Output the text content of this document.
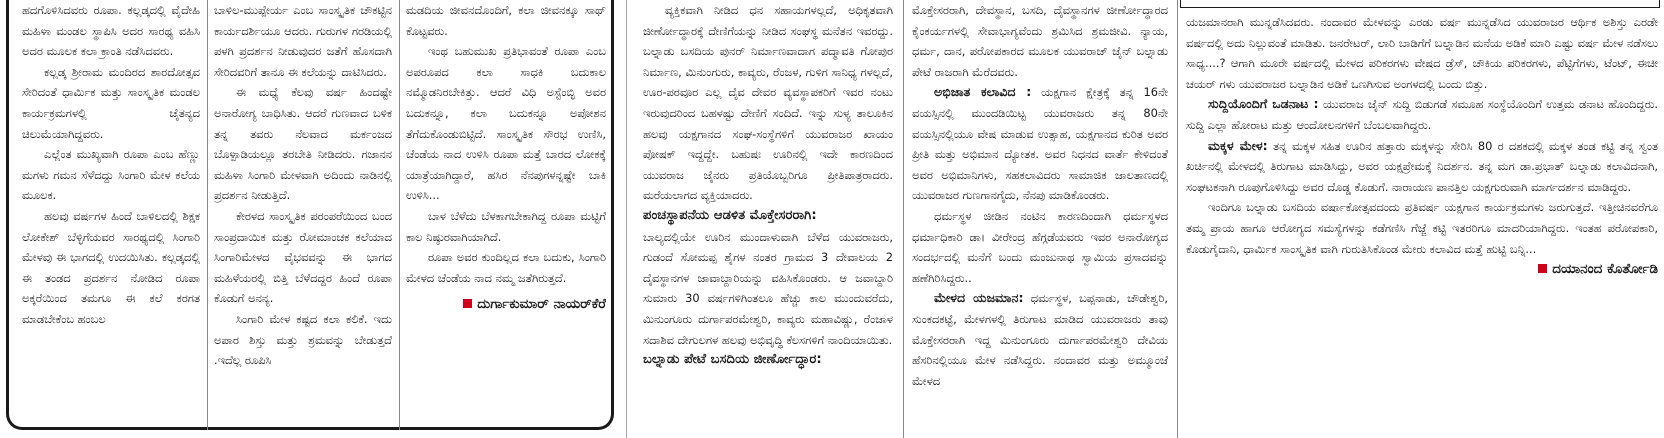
ಹದಗೊಳಿಸಿದವರು ರೂಪಾ. ಕಲ್ಲಡ್ಕದಲ್ಲಿ ವೈದೇಹಿ ಮಹಿಳಾ ಮಂಡಲ ಸ್ಥಾಪಿಸಿ ಅದರ ಸಾರಥ್ಯ ವಹಿಸಿ ಅದರ ಮೂಲಕ ಕಲಾ ಕ್ರಾಂತಿ ನಡೆಸಿದವರು.

ಕಲ್ಲಡ್ಕ ಶ್ರೀರಾಮ ಮಂದಿರದ ಶಾರದೋತ್ಸವ ಸೇರಿದಂತೆ ಧಾರ್ಮಿಕ ಮತ್ತು ಸಾಂಸ್ಕೃತಿಕ ಮಂಡಲ ಕಾರ್ಯಕ್ರಮಗಳಲ್ಲಿ ಚೈತನ್ಯದ ಚಿಲುಮೆಯಾಗಿದ್ದವರು.

ಎಲ್ಲೆಂತ ಮುಖ್ಯವಾಗಿ ರೂಪಾ ಎಂಬ ಹೆಣ್ಣು ಮಗಳು ಗಮನ ಸೆಳೆದದ್ದು ಸಿಂಗಾರಿ ಮೇಳ ಕಲೆಯ ಮೂಲಕ.

ಹಲವು ವರ್ಷಗಳ ಹಿಂದೆ ಬಾಳಿಲದಲ್ಲಿ ಶಿಕ್ಷಕ ಲೋಕೇಶ್ ಬೆಳ್ಳಿಗೆಯವರ ಸಾರಥ್ಯದಲ್ಲಿ ಸಿಂಗಾರಿ ಮೇಳವು ಈ ಭಾಗದಲ್ಲಿ ಉದಯಿಸಿತು. ಕಲ್ಲಡ್ಕದಲ್ಲಿ ಈ ತಂಡದ ಪ್ರದರ್ಶನ ನೋಡಿದ ರೂಪಾ ಅಕ್ಕರೆಯಿಂದ ತಮಗೂ ಈ ಕಲೆ ಕರಗತ ಮಾಡಬೇಕೆಂಬ ಹಂಬಲ

ಬಾಳಿಲ-ಮುಪ್ಪೇರ್ಯ ಎಂಬ ಸಾಂಸ್ಕೃತಿಕ ಚೌಕಟ್ಟಿನ ಕಾರ್ಯದರ್ಶಿಯೂ ಆದರು. ಗುರುಗಳ ಗರಡಿಯಲ್ಲಿ ಪಳಗಿ ಪ್ರದರ್ಶನ ನೀಡುವುದರ ಜತೆಗೆ ಹೊಸದಾಗಿ ಸೇರಿದವರಿಗೆ ತಾನೂ ಈ ಕಲೆಯನ್ನು ದಾಟಿಸಿದರು.

ಈ ಮಧ್ಯೆ ಕೆಲವು ವರ್ಷ ಹಿಂದಷ್ಟೇ ಅನಾರೋಗ್ಯ ಬಾಧಿಸಿತು. ಆದರೆ ಗುಣವಾದ ಬಳಿಕ ತನ್ನ ತವರು ನೆಲವಾದ ಮರ್ಕಂಜದ ಬೊಳ್ಪಾಡಿಯಲ್ಲೂ ತರಬೇತಿ ನೀಡಿದರು. ಗಜಾನನ ಮಹಿಳಾ ಸಿಂಗಾರಿ ಮೇಳವಾಗಿ ಅದಿಂದು ನಾಡಿನಲ್ಲಿ ಪ್ರದರ್ಶನ ನೀಡುತ್ತಿದೆ.

ಕೇರಳದ ಸಾಂಸ್ಕೃತಿಕ ಪರಂಪರೆಯಿಂದ ಬಂದ ಸಾಂಪ್ರದಾಯಿಕ ಮತ್ತು ರೋಮಾಂಚಕ ಕಲೆಯಾದ ಸಿಂಗಾರಿಮೇಳದ ವೈಭವವನ್ನು ಈ ಭಾಗದ ಮಹಿಳೆಯರಲ್ಲಿ ಬಿತ್ತಿ ಬೆಳೆದದ್ದರ ಹಿಂದೆ ರೂಪಾ ಕೊಡುಗೆ ಅನನ್ಯ.

ಸಿಂಗಾರಿ ಮೇಳ ಕಷ್ಟದ ಕಲಾ ಕಲಿಕೆ. ಇದು ಅಪಾರ ಶಿಸ್ತು ಮತ್ತು ಶ್ರಮವನ್ನು ಬೇಡುತ್ತದೆ .ಇದೆಲ್ಲ ರೂಪಿಸಿ

ಮಡದಿಯ ಜೀವನದೊಂದಿಗೆ, ಕಲಾ ಜೀವನಕ್ಕೂ ಸಾಥ್ ಕೊಟ್ಟವರು.

ಇಂಥ ಬಹುಮುಖ ಪ್ರತಿಭಾವಂತೆ ರೂಪಾ ಎಂಬ ಅಪರೂಪದ ಕಲಾ ಸಾಧಕಿ ಬದುಕಾಲ ನಮ್ಮೊಡನಿರಬೇಕಿತ್ತು. ಆದರೆ ವಿಧಿ ಅಸ್ಟೆಂಬ್ಳಿ ಅವರ ಬದುಕನ್ನೂ, ಕಲಾ ಬದುಕನ್ನೂ ಅಪೋಶನ ತೆಗೆದುಕೊಂಡುಬಿಟ್ಟಿದೆ. ಸಾಂಸ್ಕೃತಿಕ ಸೌರಭ ಉಣಿಸಿ, ಚೆಂಡೆಯ ನಾದ ಉಳಿಸಿ ರೂಪಾ ಮತ್ತೆ ಬಾರದ ಲೋಕಕ್ಕೆ ಯಾತ್ರೆಯಾಗಿದ್ದಾರೆ, ಹಸಿರ ನೆನಪುಗಳನ್ನಷ್ಟೇ ಬಾಕಿ ಉಳಿಸಿ...

ಬಾಳ ಬೆಳೆದು ಬೆಳಕಾಗಬೇಕಾಗಿದ್ದ ರೂಪಾ ಮಟ್ಟಿಗೆ ಕಾಲ ನಿಷ್ಠುರವಾಗಿಯಾಗಿದೆ.

ರೂಪಾ ಅವರ ಕುಂದಿಲ್ಲದ ಕಲಾ ಬದುಕು, ಸಿಂಗಾರಿ ಮೇಳದ ಚೆಂಡೆಯ ನಾದ ನಮ್ಮ ಜತೆಗಿರುತ್ತದೆ.

ದುರ್ಗಾಕುಮಾರ್ ನಾಯರ್‌ಕೆರೆ

ವ್ಯಕ್ತಿಕವಾಗಿ ನೀಡಿದ ಧನ ಸಹಾಯಗಳಲ್ಲದೆ, ಅಧಿಕೃತವಾಗಿ ಜೀರ್ಣೋದ್ಧಾರಕ್ಕೆ ದೇಣಿಗೆಯನ್ನು ನೀಡಿದ ಸಂಘಸ್ಥ ಮನೆತನ ಇವರದ್ದು. ಬಲ್ನಾಡು ಬಸದಿಯ ಪುನರ್ ನಿರ್ಮಾಣವಾದಾಗ ಪದ್ಮಾವತಿ ಗೋಪುರ ನಿರ್ಮಾಣ, ಮಿನುಂಗುರು, ಕಾವ್ಯರು, ರೆಂಜಳ, ಗುಳಿಗ ಸಾನಿಧ್ಯ ಗಳಲ್ಲದೆ, ಊರ-ಪರವೂರ ಎಲ್ಲ ದೈವ ದೇವರ ವ್ಯವಸ್ಥಾಪಕರಿಗೆ ಇವರ ನಂಟು ಇರುವುದರಿಂದ ಬಹಳಷ್ಟು ದೇಣಿಗೆ ಸಂದಿದೆ. ಇನ್ನು ಸುಳ್ಯ ತಾಲೂಕಿನ ಹಲವು ಯಕ್ಷಗಾನದ ಸಂಘ-ಸಂಸ್ಥೆಗಳಿಗೆ ಯುವರಾಜರ ಖಾಯಂ ಪೋಷಕ್ ಇದ್ದದ್ದೇ. ಬಹುಷಃ ಊರಿನಲ್ಲಿ ಇದೇ ಕಾರಣದಿಂದ ಯುವರಾಜ ಜೈನರು ಪ್ರತಿಯೊಬ್ಬರಿಗೂ ಪ್ರೀತಿಪಾತ್ರರಾದರು. ಮರೆಯಲಾಗದ ವ್ಯಕ್ತಿಯಾದರು.

ಪಂಚಸ್ಥಾಪನೆಯ ಆಡಳಿತ ಮೊಕ್ತೇಸರರಾಗಿ:

ಬಾಲ್ಯದಲ್ಲಿಯೇ ಊರಿನ ಮುಂದಾಳುವಾಗಿ ಬೆಳೆದ ಯುವರಾಜರು, ಗುಡಂದೆ ಸೋಮಪ್ಪ ಶೈಗಳ ನಂತರ ಗ್ರಾಮದ 3 ದೇವಾಲಯ 2 ದೈವಸ್ಥಾನಗಳ ಜಾವಾಬ್ದಾರಿಯನ್ನು ವಹಿಸಿಕೊಂಡರು. ಆ ಜವಾಬ್ದಾರಿ ಸುಮಾರು 30 ವರ್ಷಗಳಿಗಿಂತಲೂ ಹೆಚ್ಚು ಕಾಲ ಮುಂದುವರೆದು, ಮಿನುಂಗೂರು ದುರ್ಗಾಪರಮೇಶ್ವರಿ, ಕಾವ್ಯರು ಮಹಾವಿಷ್ಣು, ರೆಂಜಾಳ ಸದಾಶಿವ ದೇಗುಲಗಳ ಹಲವು ಅಭಿವೃದ್ಧಿ ಕೆಲಸಗಳಿಗೆ ನಾಂದಿಯಾಯಿತು.

ಬಲ್ನಾಡು ಪೇಟೆ ಬಸದಿಯ ಜೀರ್ಣೋದ್ಧಾರ:

ಮೊಕ್ತೇಸರರಾಗಿ, ದೇವಸ್ಥಾನ, ಬಸದಿ, ದೈವಸ್ಥಾನಗಳ ಜೀರ್ಣೋದ್ಧಾರದ ಕೈಂಕರ್ಯಗಳಲ್ಲಿ ಸೇವಾಭಾಗ್ಯವೆಂದು ಶ್ರಮಿಸಿದ ಶ್ರಮಜೀವಿ. ನ್ಯಾಯ, ಧರ್ಮ, ದಾನ, ಪರೋಪಕಾರದ ಮೂಲಕ ಯುವರಾಜ್ ಜೈನ್ ಬಲ್ನಾಡು ಪೇಟೆ ರಾಜರಾಗಿ ಮೆರೆದವರು.

ಅಭಿಜಾತ ಕಲಾವಿದ : ಯಕ್ಷಗಾನ ಕ್ಷೇತ್ರಕ್ಕೆ ತನ್ನ 16ನೇ ವಯಸ್ಸಿನಲ್ಲಿ ಮುಂದಡಿಯಿಟ್ಟ ಯುವರಾಜರು ತನ್ನ 80ನೇ ವಯಸ್ಸಿನಲ್ಲಿಯೂ ವೇಷ ಮಾಡುವ ಉತ್ಸಾಹ, ಯಕ್ಷಗಾನದ ಕುರಿತ ಅವರ ಪ್ರೀತಿ ಮತ್ತು ಅಭಿಮಾನ ದ್ಯೋತಕ. ಅವರ ನಿಧನದ ವಾರ್ತೆ ಕೇಳಿದಂತೆ ಅವರ ಅಭಿಮಾನಿಗಳು, ಸಹಕಲಾವಿದರು ಸಾಮಾಜಿಕ ಜಾಲತಾಣದಲ್ಲಿ ಯುವರಾಜರ ಗುಣಗಾನಗೈದು, ನೆನಪು ಮಾಡಿಕೊಂಡರು.

ಧರ್ಮಸ್ಥಳ ಜೀಡಿನ ನಂಟಿನ ಕಾರಣದಿಂದಾಗಿ ಧರ್ಮಸ್ಥಳದ ಧರ್ಮಾಧಿಕಾರಿ ಡಾ। ವೀರೇಂದ್ರ ಹೆಗ್ಗಡೆಯವರು ಇವರ ಅನಾರೋಗ್ಯದ ಸಂದರ್ಭದಲ್ಲಿ ಮನೆಗೆ ಬಂದು ಮಂಜುನಾಥ ಸ್ವಾಮಿಯ ಪ್ರಸಾದವನ್ನು ಹಣೆಗಿರಿಸಿದ್ದರು..

ಮೇಳದ ಯಜಮಾನ: ಧರ್ಮಸ್ಥಳ, ಬಪ್ಪನಾಡು, ಚೌಡೇಶ್ವರಿ, ಸುಂಕದಕಟ್ಟೆ, ಮೇಳಗಳಲ್ಲಿ ತಿರುಗಾಟ ಮಾಡಿದ ಯುವರಾಜರು ತಾವು ಮೊಕ್ತೇಸರರಾಗಿ ಇದ್ದ ಮಿನುಂಗೂರು ದುರ್ಗಾಪರಮೇಶ್ವರಿ ದೇವಿಯ ಹೆಸರಿನಲ್ಲಿಯೂ ಮೇಳ ನಡೆಸಿದ್ದರು. ನಂದಾವರ ಮತ್ತು ಅಮ್ಮೂಂಜೆ ಮೇಳದ

ಯಜಮಾನರಾಗಿ ಮುನ್ನಡೆಸಿದವರು. ನಂದಾವರ ಮೇಳವನ್ನು ಎರಡು ವರ್ಷ ಮುನ್ನಡೆಸಿದ ಯುವರಾಜರ ಆರ್ಥಿಕ ಅಶಿಸ್ತು ಎರಡೇ ವರ್ಷದಲ್ಲಿ ಅದು ನಿಲ್ಲುವಂತೆ ಮಾಡಿತು. ಜನರೇಟರ್, ಲಾರಿ ಬಾಡಿಗೆಗೆ ಬಲ್ನಾಡಿನ ಮನೆಯ ಅಡಿಕೆ ಮಾರಿ ಎಷ್ಟು ವರ್ಷ ಮೇಳ ನಡೆಸಲು ಸಾಧ್ಯ....? ಆಗಾಗಿ ಮೂರೇ ವರ್ಷದಲ್ಲಿ ಮೇಳದ ಪರಿಕರಗಳು ವೇಷದ ಡ್ರೆಸ್, ಚೌಕಿಯ ಪರಿಕರಗಳು, ಪೆಟ್ಟಿಗೆಗಳು, ಟೆಂಟ್, ಈಚೀ ಚಯರ್ ಗಳು ಯುವರಾಜರ ಬಲ್ನಾಡಿನ ಅಡಿಕೆ ಒಣಗಿಸುವ ಅಂಗಳದಲ್ಲಿ ಬಂದು ಬಿತ್ತು.

ಸುದ್ದಿಯೊಂದಿಗೆ ಒಡನಾಟ : ಯುವರಾಜ ಜೈನ್ ಸುದ್ದಿ ಬಿಡುಗಡೆ ಸಮೂಹ ಸಂಸ್ಥೆಯೊಂದಿಗೆ ಉತ್ತಮ ಡನಾಟ ಹೊಂದಿದ್ದರು. ಸುದ್ದಿ ಎಲ್ಲಾ ಹೋರಾಟ ಮತ್ತು ಆಂದೋಲನಗಳಿಗೆ ಬೆಂಬಲವಾಗಿದ್ದರು.

ಮಕ್ಕಳ ಮೇಳ: ತನ್ನ ಮಕ್ಕಳ ಸಹಿತ ಊರಿನ ಹತ್ತಾರು ಮಕ್ಕಳನ್ನು ಸೇರಿಸಿ 80 ರ ದಶಕದಲ್ಲಿ ಮಕ್ಕಳ ತಂಡ ಕಟ್ಟಿ ತನ್ನ ಸ್ವಂತ ಖರ್ಚಿನಲ್ಲಿ ಮೇಳದಲ್ಲಿ ತಿರುಗಾಟ ಮಾಡಿಸಿದ್ದು, ಅವರ ಯಕ್ಷಪ್ರೇಮಕ್ಕೆ ನಿದರ್ಶನ. ತನ್ನ ಮಗ ಡಾ.ಪ್ರಭಾತ್ ಬಲ್ನಾಡು ಕಲಾವಿದನಾಗಿ, ಸಂಘಟಕನಾಗಿ ರೂಪುಗೊಳಿಸಿದ್ದು ಅವರ ದೊಡ್ಡ ಕೊಡುಗೆ. ನಾರಾಯಣ ಪಾನತ್ತಿಲ ಯಕ್ಷಗುರುವಾಗಿ ಮಾರ್ಗದರ್ಶನ ಮಾಡಿದ್ದರು.

ಇಂದಿಗೂ ಬಲ್ನಾಡು ಬಸದಿಯ ವರ್ಷಾಕೋತ್ಸವದಂದು ಪ್ರತಿವರ್ಷ ಯಕ್ಷಗಾನ ಕಾರ್ಯಕ್ರಮಗಳು ಜರುಗುತ್ತದೆ. ಇತ್ತೀಚಿನವರೆಗೂ ತಮ್ಮ ಪ್ರಾಯ ಹಾಗೂ ಆರೋಗ್ಯದ ಸಮಸ್ಯೆಗಳನ್ನು ಕಡೆಗಣಿಸಿ ಗೆಜ್ಜೆ ಕಟ್ಟಿ ಇತರರಿಗೂ ಮಾದರಿಯಾಗಿದ್ದರು. ಇಂತಹ ಪರೋಪಕಾರಿ, ಕೊಡುಗೈದಾನಿ, ಧಾರ್ಮಿಕ ಸಾಂಸ್ಕೃತಿಕ ವಾಗಿ ಗುರುತಿಸಿಕೊಂಡ ಮೇರು ಕಲಾವಿದ ಮತ್ತೆ ಹುಟ್ಟಿ ಬನ್ನಿ...

ದಯಾನಂದ ಕೊರ್ತೋಡಿ
